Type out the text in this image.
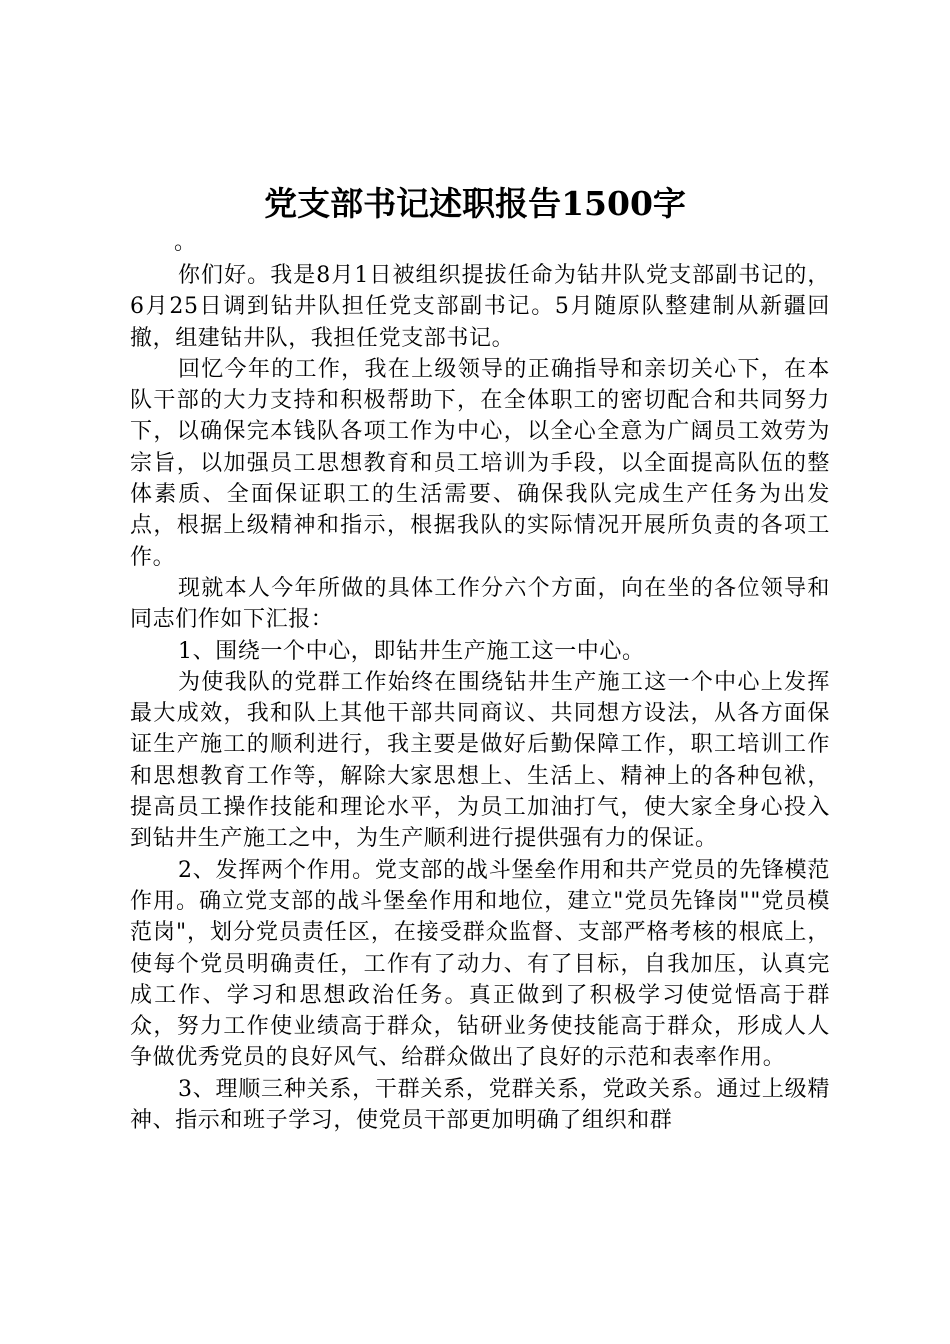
党支部书记述职报告1500字
。

你们好。我是8月1日被组织提拔任命为钻井队党支部副书记的，6月25日调到钻井队担任党支部副书记。5月随原队整建制从新疆回撤，组建钻井队，我担任党支部书记。

回忆今年的工作，我在上级领导的正确指导和亲切关心下，在本队干部的大力支持和积极帮助下，在全体职工的密切配合和共同努力下，以确保完本钱队各项工作为中心，以全心全意为广阔员工效劳为宗旨，以加强员工思想教育和员工培训为手段，以全面提高队伍的整体素质、全面保证职工的生活需要、确保我队完成生产任务为出发点，根据上级精神和指示，根据我队的实际情况开展所负责的各项工作。

现就本人今年所做的具体工作分六个方面，向在坐的各位领导和同志们作如下汇报：

1、围绕一个中心，即钻井生产施工这一中心。

为使我队的党群工作始终在围绕钻井生产施工这一个中心上发挥最大成效，我和队上其他干部共同商议、共同想方设法，从各方面保证生产施工的顺利进行，我主要是做好后勤保障工作，职工培训工作和思想教育工作等，解除大家思想上、生活上、精神上的各种包袱，提高员工操作技能和理论水平，为员工加油打气，使大家全身心投入到钻井生产施工之中，为生产顺利进行提供强有力的保证。

2、发挥两个作用。党支部的战斗堡垒作用和共产党员的先锋模范作用。确立党支部的战斗堡垒作用和地位，建立"党员先锋岗""党员模范岗"，划分党员责任区，在接受群众监督、支部严格考核的根底上，使每个党员明确责任，工作有了动力、有了目标，自我加压，认真完成工作、学习和思想政治任务。真正做到了积极学习使觉悟高于群众，努力工作使业绩高于群众，钻研业务使技能高于群众，形成人人争做优秀党员的良好风气、给群众做出了良好的示范和表率作用。

3、理顺三种关系，干群关系，党群关系，党政关系。通过上级精神、指示和班子学习，使党员干部更加明确了组织和群
